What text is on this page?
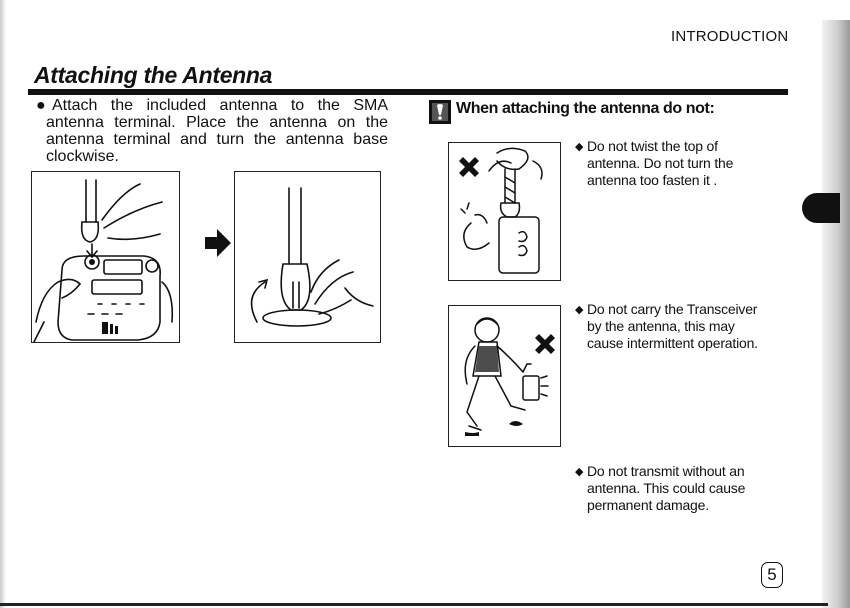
INTRODUCTION
Attaching the Antenna

● Attach the included antenna to the SMA antenna terminal. Place the antenna on the antenna terminal and turn the antenna base clockwise.

When attaching the antenna do not:
◆ Do not twist the top of antenna. Do not turn the antenna too fasten it .
◆ Do not carry the Transceiver by the antenna, this may cause intermittent operation.
◆ Do not transmit without an antenna. This could cause permanent damage.
5
